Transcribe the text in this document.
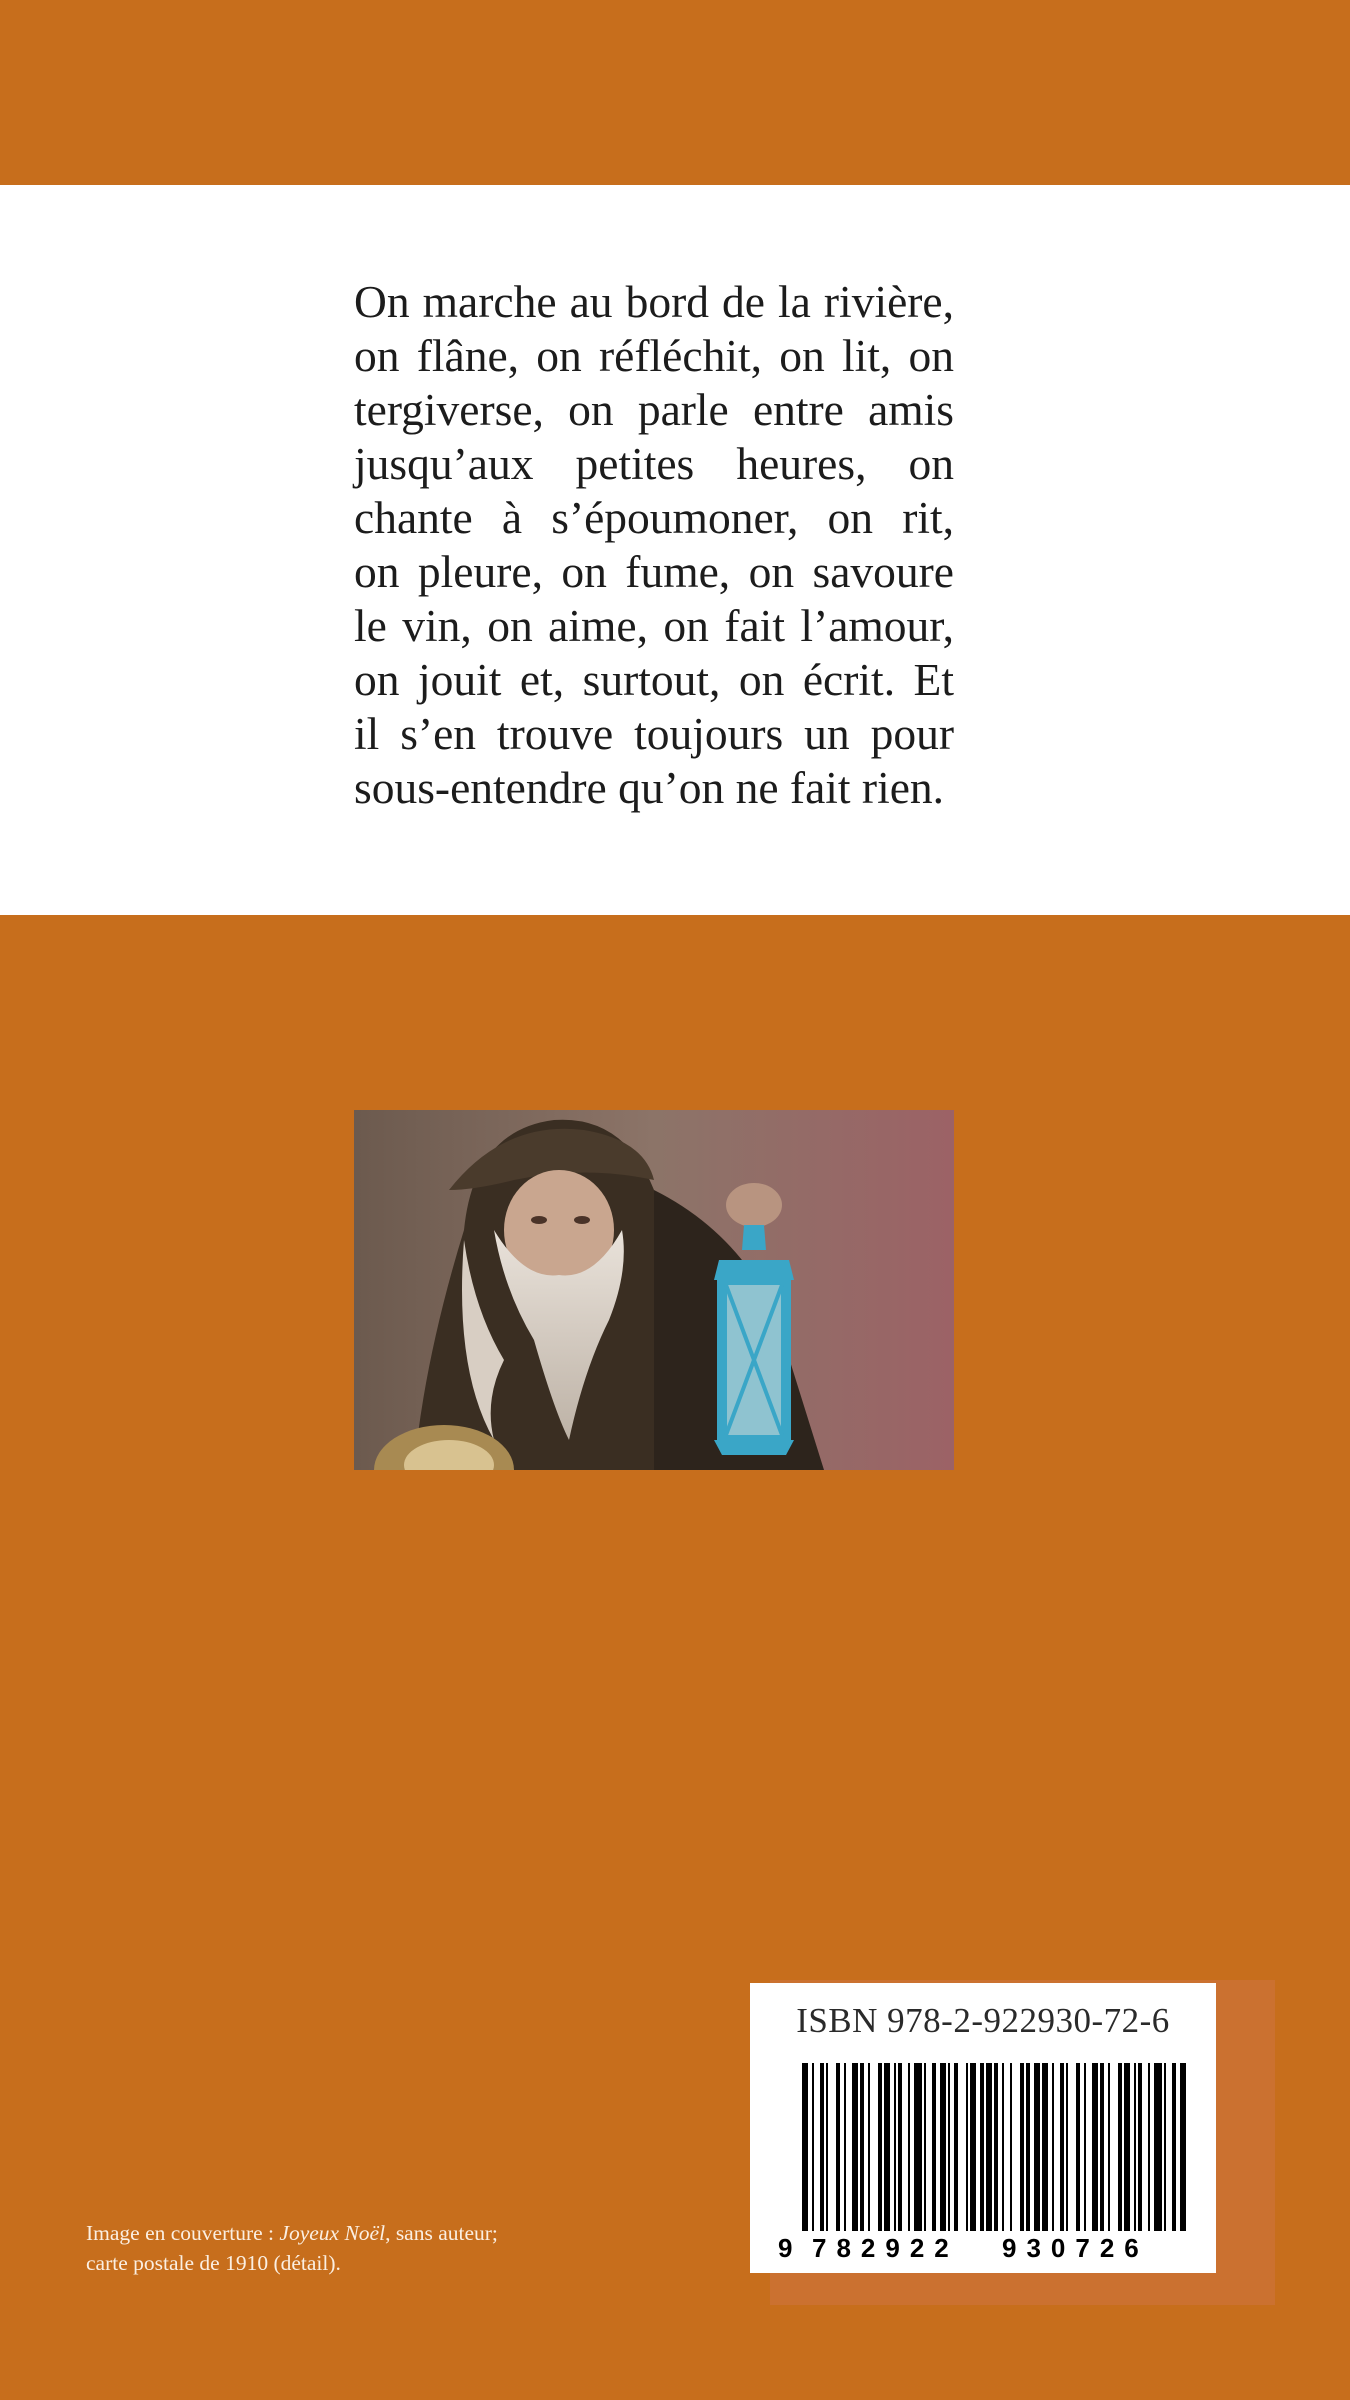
On marche au bord de la rivière,
on flâne, on réfléchit, on lit, on
tergiverse, on parle entre amis
jusqu’aux petites heures, on
chante à s’époumoner, on rit,
on pleure, on fume, on savoure
le vin, on aime, on fait l’amour,
on jouit et, surtout, on écrit. Et
il s’en trouve toujours un pour
sous-entendre qu’on ne fait rien.
ISBN 978-2-922930-72-6
9 782922 930726
Image en couverture : Joyeux Noël, sans auteur;
carte postale de 1910 (détail).
